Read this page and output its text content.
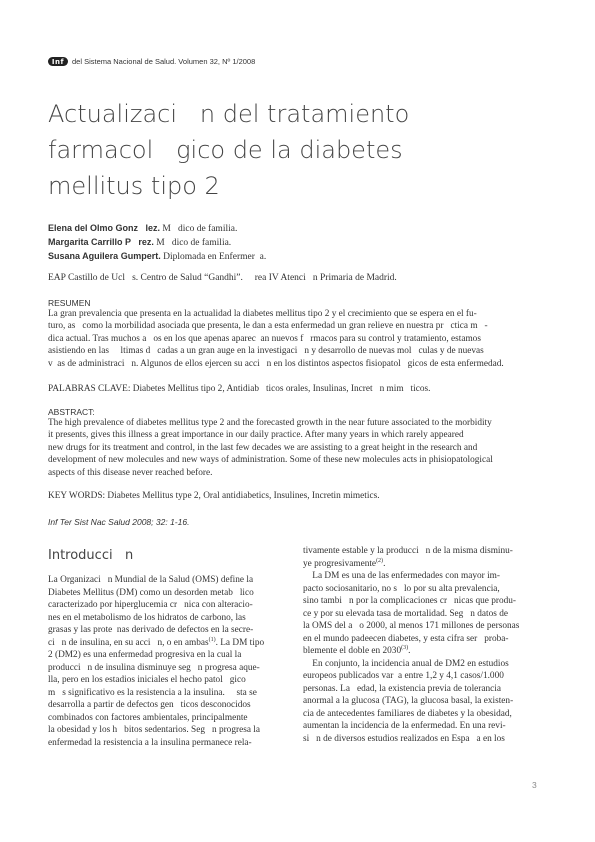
Inf	del Sistema Nacional de Salud. Volumen 32, Nº 1/2008
Actualizaci   n del tratamiento
farmacol   gico de la diabetes
mellitus tipo 2
Elena del Olmo Gonz   lez. M   dico de familia.
Margarita Carrillo P   rez. M   dico de familia.
Susana Aguilera Gumpert. Diplomada en Enfermer  a.
EAP Castillo de Ucl   s. Centro de Salud “Gandhi”.     rea IV Atenci   n Primaria de Madrid.
RESUMEN
La gran prevalencia que presenta en la actualidad la diabetes mellitus tipo 2 y el crecimiento que se espera en el fu-
turo, as   como la morbilidad asociada que presenta, le dan a esta enfermedad un gran relieve en nuestra pr   ctica m   -
dica actual. Tras muchos a   os en los que apenas aparec  an nuevos f   rmacos para su control y tratamiento, estamos
asistiendo en las     ltimas d   cadas a un gran auge en la investigaci   n y desarrollo de nuevas mol   culas y de nuevas
v  as de administraci   n. Algunos de ellos ejercen su acci   n en los distintos aspectos fisiopatol   gicos de esta enfermedad.
PALABRAS CLAVE: Diabetes Mellitus tipo 2, Antidiab   ticos orales, Insulinas, Incret   n mim   ticos.
ABSTRACT:
The high prevalence of diabetes mellitus type 2 and the forecasted growth in the near future associated to the morbidity
it presents, gives this illness a great importance in our daily practice. After many years in which rarely appeared
new drugs for its treatment and control, in the last few decades we are assisting to a great height in the research and
development of new molecules and new ways of administration. Some of these new molecules acts in phisiopatological
aspects of this disease never reached before.
KEY WORDS: Diabetes Mellitus type 2, Oral antidiabetics, Insulines, Incretin mimetics.
Inf Ter Sist Nac Salud 2008; 32: 1-16.
Introducci   n
La Organizaci   n Mundial de la Salud (OMS) define la
Diabetes Mellitus (DM) como un desorden metab   lico
caracterizado por hiperglucemia cr   nica con alteracio-
nes en el metabolismo de los hidratos de carbono, las
grasas y las prote  nas derivado de defectos en la secre-
ci   n de insulina, en su acci   n, o en ambas$^{(1)}$. La DM tipo
2 (DM2) es una enfermedad progresiva en la cual la
producci   n de insulina disminuye seg   n progresa aque-
lla, pero en los estadios iniciales el hecho patol   gico
m   s significativo es la resistencia a la insulina.     sta se
desarrolla a partir de defectos gen   ticos desconocidos
combinados con factores ambientales, principalmente
la obesidad y los h   bitos sedentarios. Seg   n progresa la
enfermedad la resistencia a la insulina permanece rela-
tivamente estable y la producci   n de la misma disminu-
ye progresivamente$^{(2)}$.
La DM es una de las enfermedades con mayor im-
pacto sociosanitario, no s   lo por su alta prevalencia,
sino tambi   n por la complicaciones cr   nicas que produ-
ce y por su elevada tasa de mortalidad. Seg   n datos de
la OMS del a   o 2000, al menos 171 millones de personas
en el mundo padeecen diabetes, y esta cifra ser   proba-
blemente el doble en 2030$^{(3)}$.
En conjunto, la incidencia anual de DM2 en estudios
europeos publicados var  a entre 1,2 y 4,1 casos/1.000
personas. La   edad, la existencia previa de tolerancia
anormal a la glucosa (TAG), la glucosa basal, la existen-
cia de antecedentes familiares de diabetes y la obesidad,
aumentan la incidencia de la enfermedad. En una revi-
si   n de diversos estudios realizados en Espa   a en los
3
